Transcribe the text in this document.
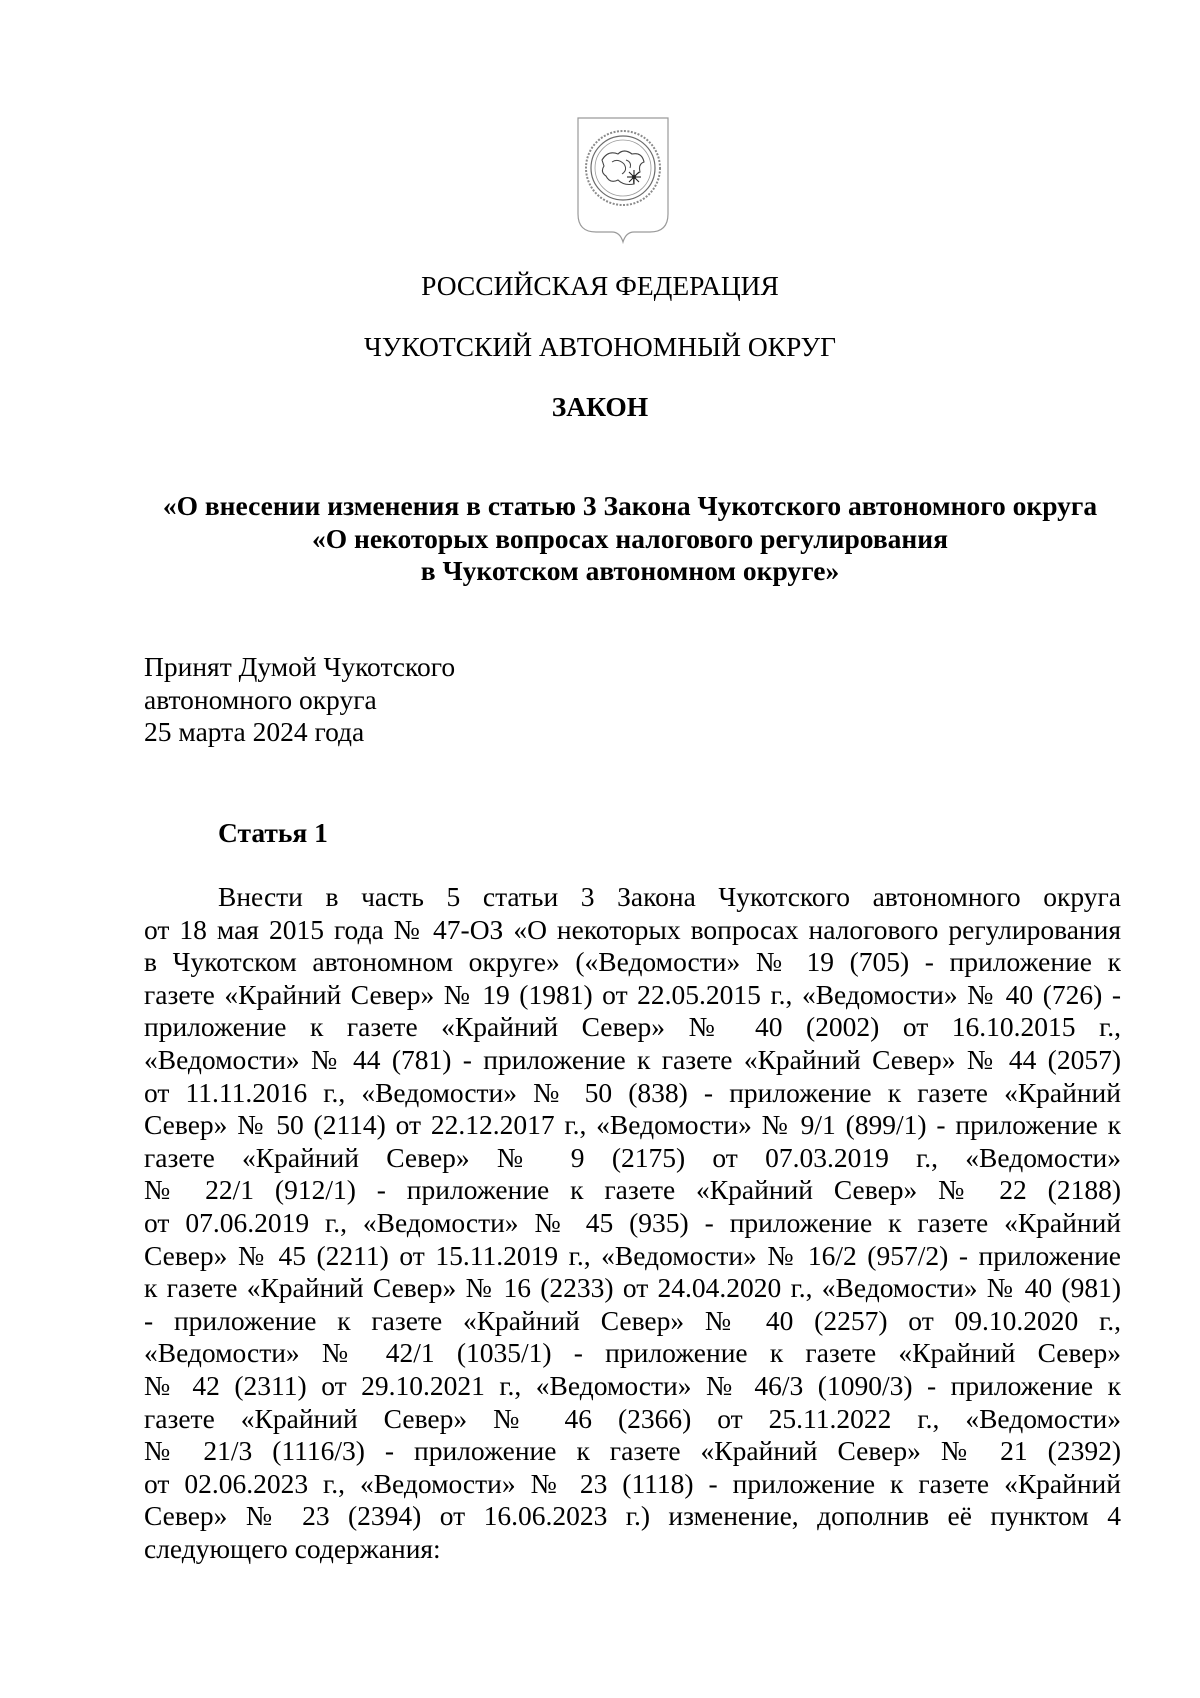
РОССИЙСКАЯ ФЕДЕРАЦИЯ
ЧУКОТСКИЙ АВТОНОМНЫЙ ОКРУГ
ЗАКОН
«О внесении изменения в статью 3 Закона Чукотского автономного округа
«О некоторых вопросах налогового регулирования
в Чукотском автономном округе»
Принят Думой Чукотского
автономного округа
25 марта 2024 года
Статья 1
Внести в часть 5 статьи 3 Закона Чукотского автономного округа
от 18 мая 2015 года № 47-ОЗ «О некоторых вопросах налогового регулирования
в Чукотском автономном округе» («Ведомости» № 19 (705) - приложение к
газете «Крайний Север» № 19 (1981) от 22.05.2015 г., «Ведомости» № 40 (726) -
приложение к газете «Крайний Север» № 40 (2002) от 16.10.2015 г.,
«Ведомости» № 44 (781) - приложение к газете «Крайний Север» № 44 (2057)
от 11.11.2016 г., «Ведомости» № 50 (838) - приложение к газете «Крайний
Север» № 50 (2114) от 22.12.2017 г., «Ведомости» № 9/1 (899/1) - приложение к
газете «Крайний Север» № 9 (2175) от 07.03.2019 г., «Ведомости»
№ 22/1 (912/1) - приложение к газете «Крайний Север» № 22 (2188)
от 07.06.2019 г., «Ведомости» № 45 (935) - приложение к газете «Крайний
Север» № 45 (2211) от 15.11.2019 г., «Ведомости» № 16/2 (957/2) - приложение
к газете «Крайний Север» № 16 (2233) от 24.04.2020 г., «Ведомости» № 40 (981)
- приложение к газете «Крайний Север» № 40 (2257) от 09.10.2020 г.,
«Ведомости» № 42/1 (1035/1) - приложение к газете «Крайний Север»
№ 42 (2311) от 29.10.2021 г., «Ведомости» № 46/3 (1090/3) - приложение к
газете «Крайний Север» № 46 (2366) от 25.11.2022 г., «Ведомости»
№ 21/3 (1116/3) - приложение к газете «Крайний Север» № 21 (2392)
от 02.06.2023 г., «Ведомости» № 23 (1118) - приложение к газете «Крайний
Север» № 23 (2394) от 16.06.2023 г.) изменение, дополнив её пунктом 4
следующего содержания:
